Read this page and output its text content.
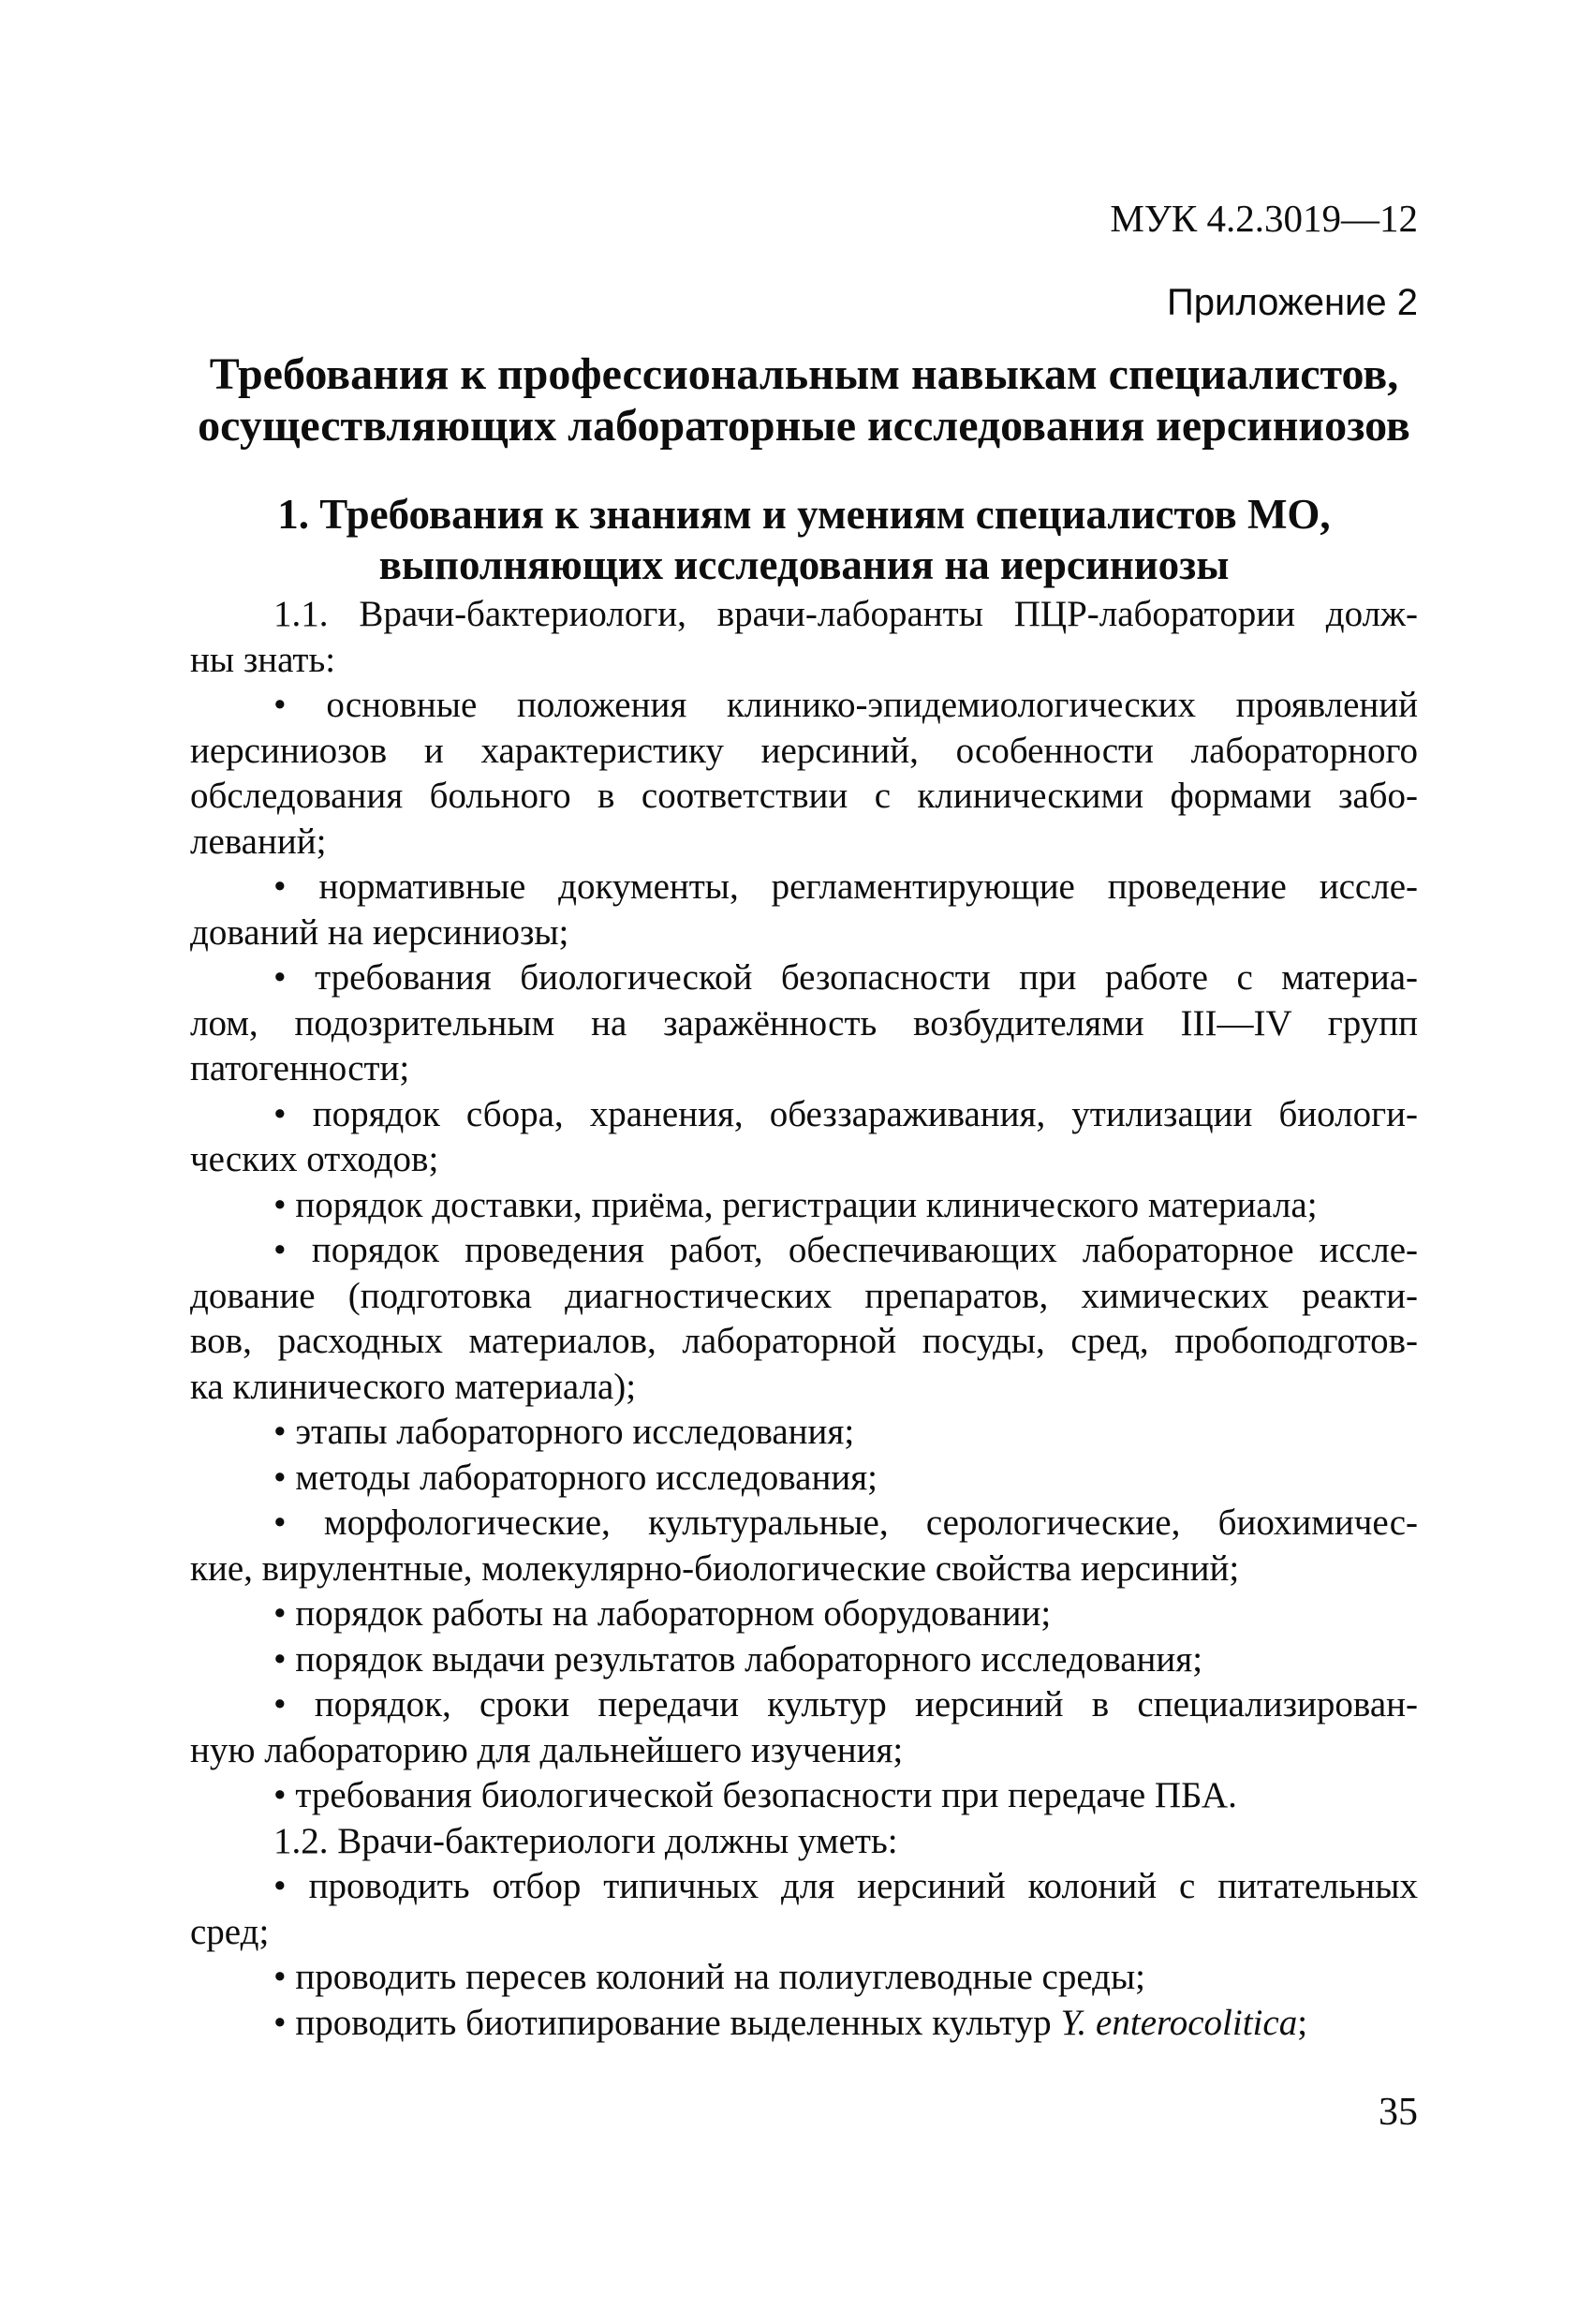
МУК 4.2.3019—12
Приложение 2
Требования к профессиональным навыкам специалистов,
осуществляющих лабораторные исследования иерсиниозов
1. Требования к знаниям и умениям специалистов МО,
выполняющих исследования на иерсиниозы
1.1. Врачи-бактериологи, врачи-лаборанты ПЦР-лаборатории долж-
ны знать:
• основные положения клинико-эпидемиологических проявлений
иерсиниозов и характеристику иерсиний, особенности лабораторного
обследования больного в соответствии с клиническими формами забо-
леваний;
• нормативные документы, регламентирующие проведение иссле-
дований на иерсиниозы;
• требования биологической безопасности при работе с материа-
лом, подозрительным на заражённость возбудителями III—IV групп
патогенности;
• порядок сбора, хранения, обеззараживания, утилизации биологи-
ческих отходов;
• порядок доставки, приёма, регистрации клинического материала;
• порядок проведения работ, обеспечивающих лабораторное иссле-
дование (подготовка диагностических препаратов, химических реакти-
вов, расходных материалов, лабораторной посуды, сред, пробоподготов-
ка клинического материала);
• этапы лабораторного исследования;
• методы лабораторного исследования;
• морфологические, культуральные, серологические, биохимичес-
кие, вирулентные, молекулярно-биологические свойства иерсиний;
• порядок работы на лабораторном оборудовании;
• порядок выдачи результатов лабораторного исследования;
• порядок, сроки передачи культур иерсиний в специализирован-
ную лабораторию для дальнейшего изучения;
• требования биологической безопасности при передаче ПБА.
1.2. Врачи-бактериологи должны уметь:
• проводить отбор типичных для иерсиний колоний с питательных
сред;
• проводить пересев колоний на полиуглеводные среды;
• проводить биотипирование выделенных культур Y. enterocolitica;
35
